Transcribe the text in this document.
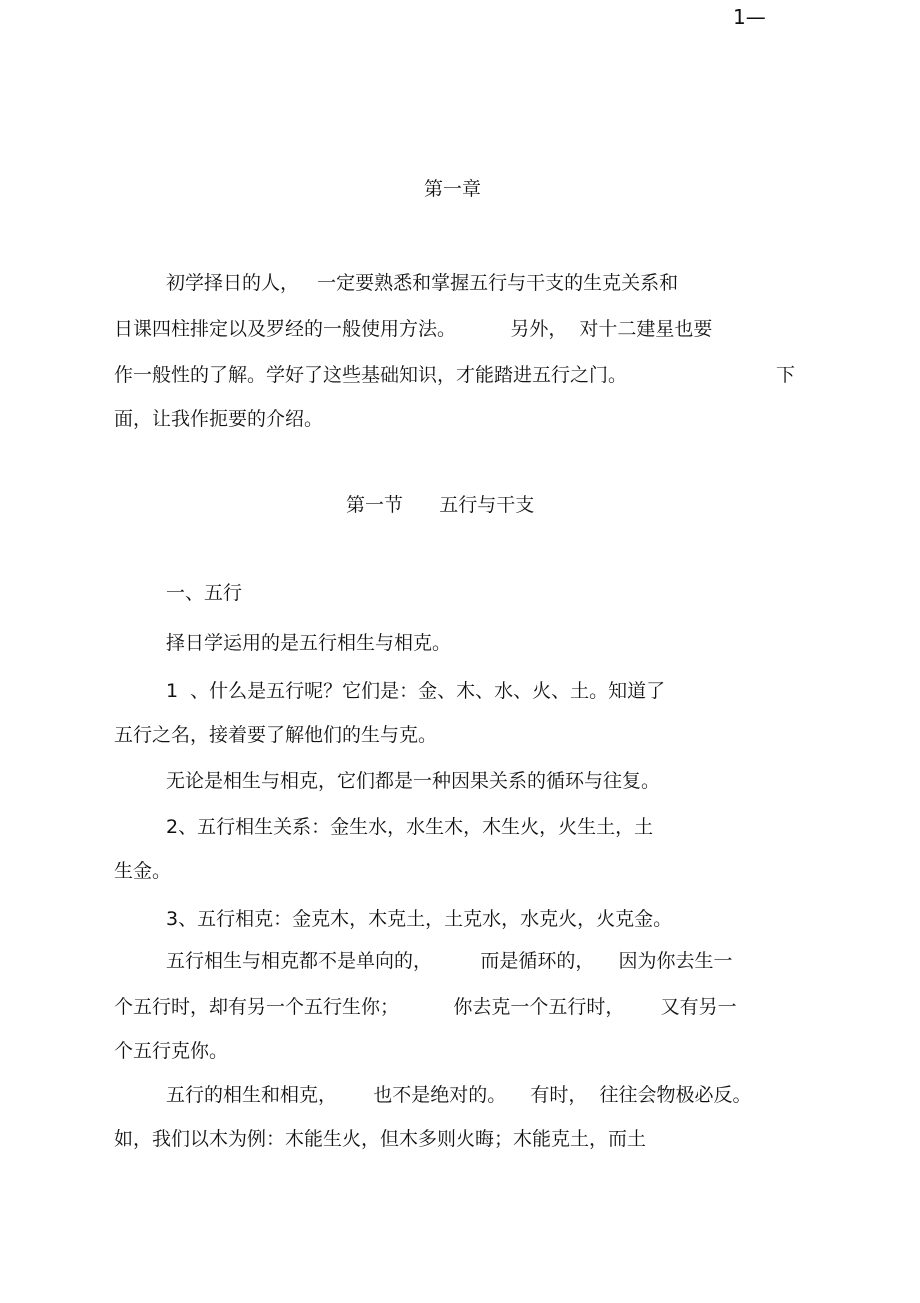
1—
第一章
初学择日的人，   一定要熟悉和掌握五行与干支的生克关系和
日课四柱排定以及罗经的一般使用方法。         另外，  对十二建星也要
作一般性的了解。学好了这些基础知识，才能踏进五行之门。	下
面，让我作扼要的介绍。
第一节      五行与干支
一、五行
择日学运用的是五行相生与相克。
1  、什么是五行呢？它们是：金、木、水、火、土。知道了
五行之名，接着要了解他们的生与克。
无论是相生与相克，它们都是一种因果关系的循环与往复。
2、五行相生关系：金生水，水生木，木生火，火生土，土
生金。
3、五行相克：金克木，木克土，土克水，水克火，火克金。
五行相生与相克都不是单向的，        而是循环的，    因为你去生一
个五行时，却有另一个五行生你；         你去克一个五行时，      又有另一
个五行克你。
五行的相生和相克，      也不是绝对的。    有时，  往往会物极必反。
如，我们以木为例：木能生火，但木多则火晦；木能克土，而土
